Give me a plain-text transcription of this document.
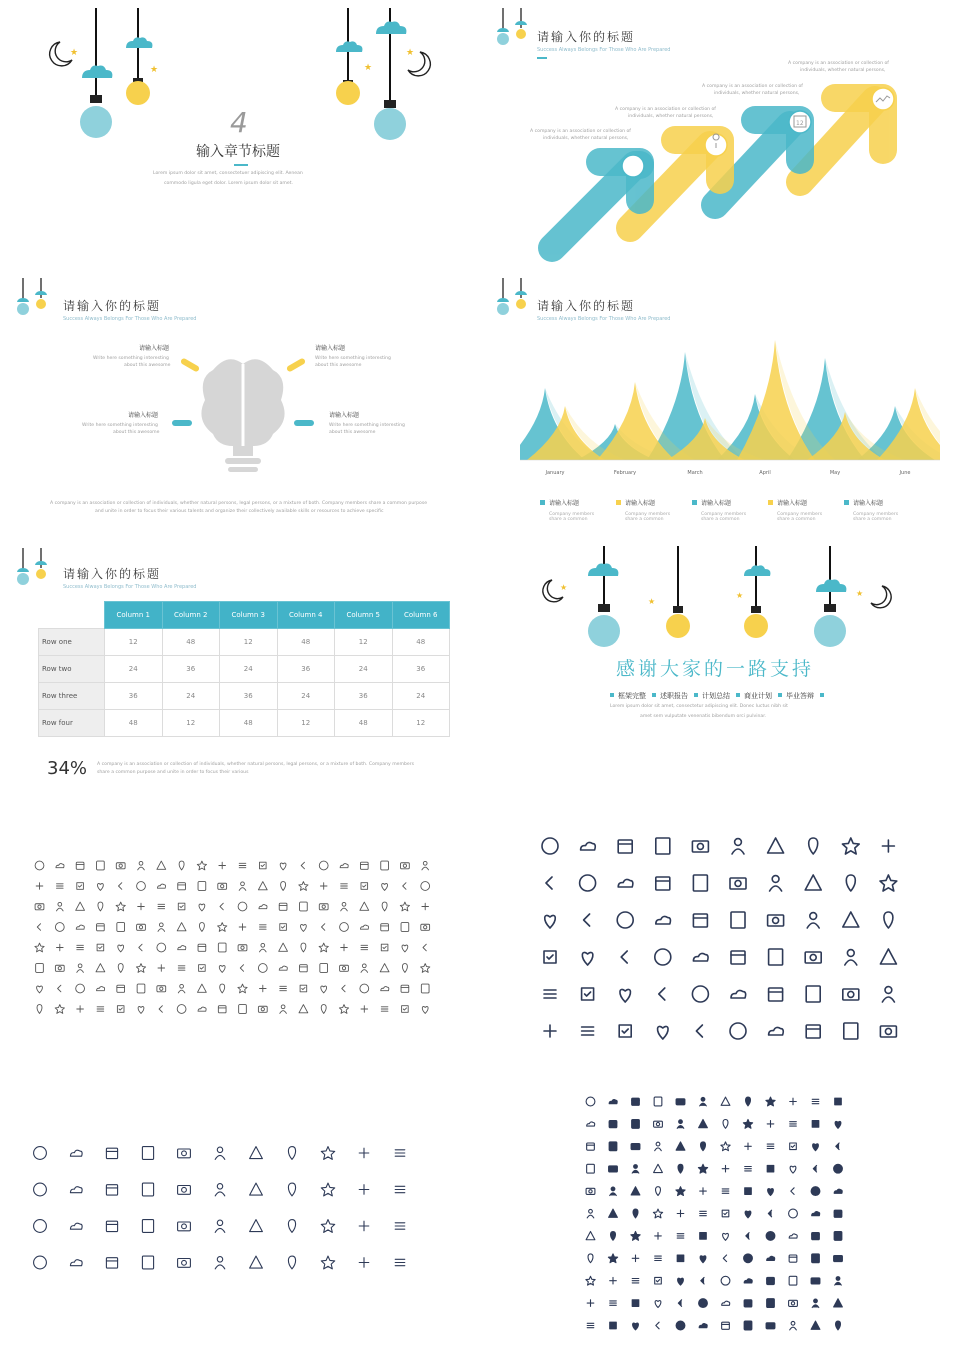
★
★
★
★
4
输入章节标题
Lorem ipsum dolor sit amet, consectetuer adipiscing elit. Aenean
commodo ligula eget dolor. Lorem ipsum dolor sit amet.
请输入你的标题
Success Always Belongs For Those Who Are Prepared
12
A company is an association or collection of
individuals, whether natural persons,
A company is an association or collection of
individuals, whether natural persons,
A company is an association or collection of
individuals, whether natural persons,
A company is an association or collection of
individuals, whether natural persons,
请输入你的标题
Success Always Belongs For Those Who Are Prepared
请输入标题
Write here something interesting
about this awesome
请输入标题
Write here something interesting
about this awesome
请输入标题
Write here something interesting
about this awesome
请输入标题
Write here something interesting
about this awesome
A company is an association or collection of individuals, whether natural persons, legal persons, or a mixture of both. Company members share a common purpose
and unite in order to focus their various talents and organize their collectively available skills or resources to achieve specific
请输入你的标题
Success Always Belongs For Those Who Are Prepared
January	February	March	April	May	June
请输入标题
Company members
share a common
请输入标题
Company members
share a common
请输入标题
Company members
share a common
请输入标题
Company members
share a common
请输入标题
Company members
share a common
请输入你的标题
Success Always Belongs For Those Who Are Prepared
	Column 1	Column 2	Column 3	Column 4	Column 5	Column 6
Row one	12	48	12	48	12	48
Row two	24	36	24	36	24	36
Row three	36	24	36	24	36	24
Row four	48	12	48	12	48	12
34% A company is an association or collection of individuals, whether natural persons, legal persons, or a mixture of both. Company members
share a common purpose and unite in order to focus their various
★
★
★	★
感谢大家的一路支持
框架完整 述职报告 计划总结 商业计划 毕业答辩
Lorem ipsum dolor sit amet, consectetur adipiscing elit. Donec luctus nibh sit
amet sem vulputate venenatis bibendum orci pulvinar.
